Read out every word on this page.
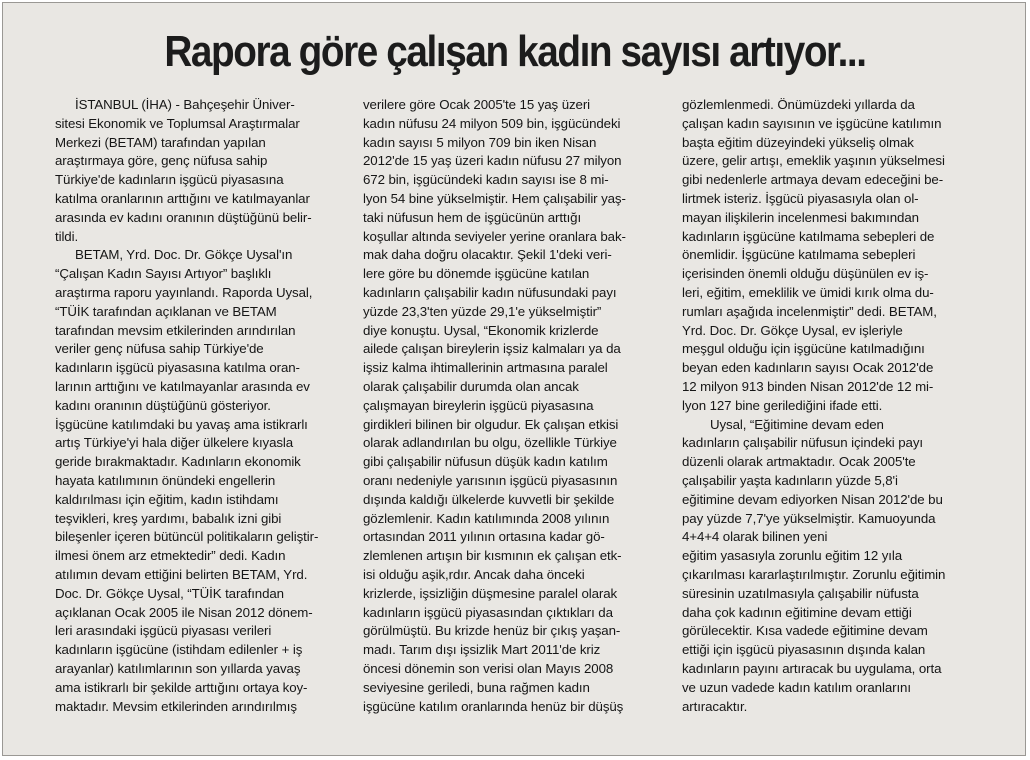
Rapora göre çalışan kadın sayısı artıyor...
İSTANBUL (İHA) - Bahçeşehir Üniver-
sitesi Ekonomik ve Toplumsal Araştırmalar
Merkezi (BETAM) tarafından yapılan
araştırmaya göre, genç nüfusa sahip
Türkiye'de kadınların işgücü piyasasına
katılma oranlarının arttığını ve katılmayanlar
arasında ev kadını oranının düştüğünü belir-
tildi.
BETAM, Yrd. Doc. Dr. Gökçe Uysal'ın
“Çalışan Kadın Sayısı Artıyor” başlıklı
araştırma raporu yayınlandı. Raporda Uysal,
“TÜİK tarafından açıklanan ve BETAM
tarafından mevsim etkilerinden arındırılan
veriler genç nüfusa sahip Türkiye'de
kadınların işgücü piyasasına katılma oran-
larının arttığını ve katılmayanlar arasında ev
kadını oranının düştüğünü gösteriyor.
İşgücüne katılımdaki bu yavaş ama istikrarlı
artış Türkiye'yi hala diğer ülkelere kıyasla
geride bırakmaktadır. Kadınların ekonomik
hayata katılımının önündeki engellerin
kaldırılması için eğitim, kadın istihdamı
teşvikleri, kreş yardımı, babalık izni gibi
bileşenler içeren bütüncül politikaların geliştir-
ilmesi önem arz etmektedir” dedi. Kadın
atılımın devam ettiğini belirten BETAM, Yrd.
Doc. Dr. Gökçe Uysal, “TÜİK tarafından
açıklanan Ocak 2005 ile Nisan 2012 dönem-
leri arasındaki işgücü piyasası verileri
kadınların işgücüne (istihdam edilenler + iş
arayanlar) katılımlarının son yıllarda yavaş
ama istikrarlı bir şekilde arttığını ortaya koy-
maktadır. Mevsim etkilerinden arındırılmış
verilere göre Ocak 2005'te 15 yaş üzeri
kadın nüfusu 24 milyon 509 bin, işgücündeki
kadın sayısı 5 milyon 709 bin iken Nisan
2012'de 15 yaş üzeri kadın nüfusu 27 milyon
672 bin, işgücündeki kadın sayısı ise 8 mi-
lyon 54 bine yükselmiştir. Hem çalışabilir yaş-
taki nüfusun hem de işgücünün arttığı
koşullar altında seviyeler yerine oranlara bak-
mak daha doğru olacaktır. Şekil 1'deki veri-
lere göre bu dönemde işgücüne katılan
kadınların çalışabilir kadın nüfusundaki payı
yüzde 23,3'ten yüzde 29,1'e yükselmiştir”
diye konuştu. Uysal, “Ekonomik krizlerde
ailede çalışan bireylerin işsiz kalmaları ya da
işsiz kalma ihtimallerinin artmasına paralel
olarak çalışabilir durumda olan ancak
çalışmayan bireylerin işgücü piyasasına
girdikleri bilinen bir olgudur. Ek çalışan etkisi
olarak adlandırılan bu olgu, özellikle Türkiye
gibi çalışabilir nüfusun düşük kadın katılım
oranı nedeniyle yarısının işgücü piyasasının
dışında kaldığı ülkelerde kuvvetli bir şekilde
gözlemlenir. Kadın katılımında 2008 yılının
ortasından 2011 yılının ortasına kadar gö-
zlemlenen artışın bir kısmının ek çalışan etk-
isi olduğu aşik,rdır. Ancak daha önceki
krizlerde, işsizliğin düşmesine paralel olarak
kadınların işgücü piyasasından çıktıkları da
görülmüştü. Bu krizde henüz bir çıkış yaşan-
madı. Tarım dışı işsizlik Mart 2011'de kriz
öncesi dönemin son verisi olan Mayıs 2008
seviyesine geriledi, buna rağmen kadın
işgücüne katılım oranlarında henüz bir düşüş
gözlemlenmedi. Önümüzdeki yıllarda da
çalışan kadın sayısının ve işgücüne katılımın
başta eğitim düzeyindeki yükseliş olmak
üzere, gelir artışı, emeklik yaşının yükselmesi
gibi nedenlerle artmaya devam edeceğini be-
lirtmek isteriz. İşgücü piyasasıyla olan ol-
mayan ilişkilerin incelenmesi bakımından
kadınların işgücüne katılmama sebepleri de
önemlidir. İşgücüne katılmama sebepleri
içerisinden önemli olduğu düşünülen ev iş-
leri, eğitim, emeklilik ve ümidi kırık olma du-
rumları aşağıda incelenmiştir” dedi. BETAM,
Yrd. Doc. Dr. Gökçe Uysal, ev işleriyle
meşgul olduğu için işgücüne katılmadığını
beyan eden kadınların sayısı Ocak 2012'de
12 milyon 913 binden Nisan 2012'de 12 mi-
lyon 127 bine gerilediğini ifade etti.
Uysal, “Eğitimine devam eden
kadınların çalışabilir nüfusun içindeki payı
düzenli olarak artmaktadır. Ocak 2005'te
çalışabilir yaşta kadınların yüzde 5,8'i
eğitimine devam ediyorken Nisan 2012'de bu
pay yüzde 7,7'ye yükselmiştir. Kamuoyunda
4+4+4 olarak bilinen yeni
eğitim yasasıyla zorunlu eğitim 12 yıla
çıkarılması kararlaştırılmıştır. Zorunlu eğitimin
süresinin uzatılmasıyla çalışabilir nüfusta
daha çok kadının eğitimine devam ettiği
görülecektir. Kısa vadede eğitimine devam
ettiği için işgücü piyasasının dışında kalan
kadınların payını artıracak bu uygulama, orta
ve uzun vadede kadın katılım oranlarını
artıracaktır.
